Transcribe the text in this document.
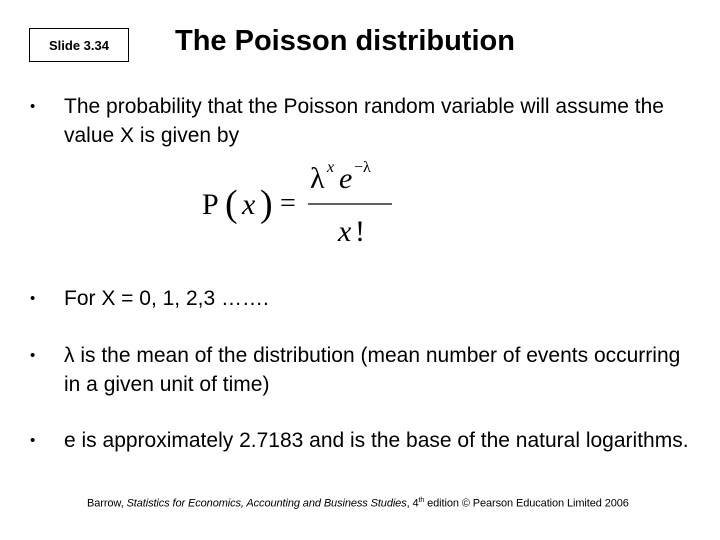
Slide 3.34 The Poisson distribution
• The probability that the Poisson random variable will assume the value X is given by
P ( x ) =
λ x e −λ
x !
• For X = 0, 1, 2,3 …….
• λ is the mean of the distribution (mean number of events occurring in a given unit of time)
• e is approximately 2.7183 and is the base of the natural logarithms.
Barrow, Statistics for Economics, Accounting and Business Studies, 4th edition © Pearson Education Limited 2006
